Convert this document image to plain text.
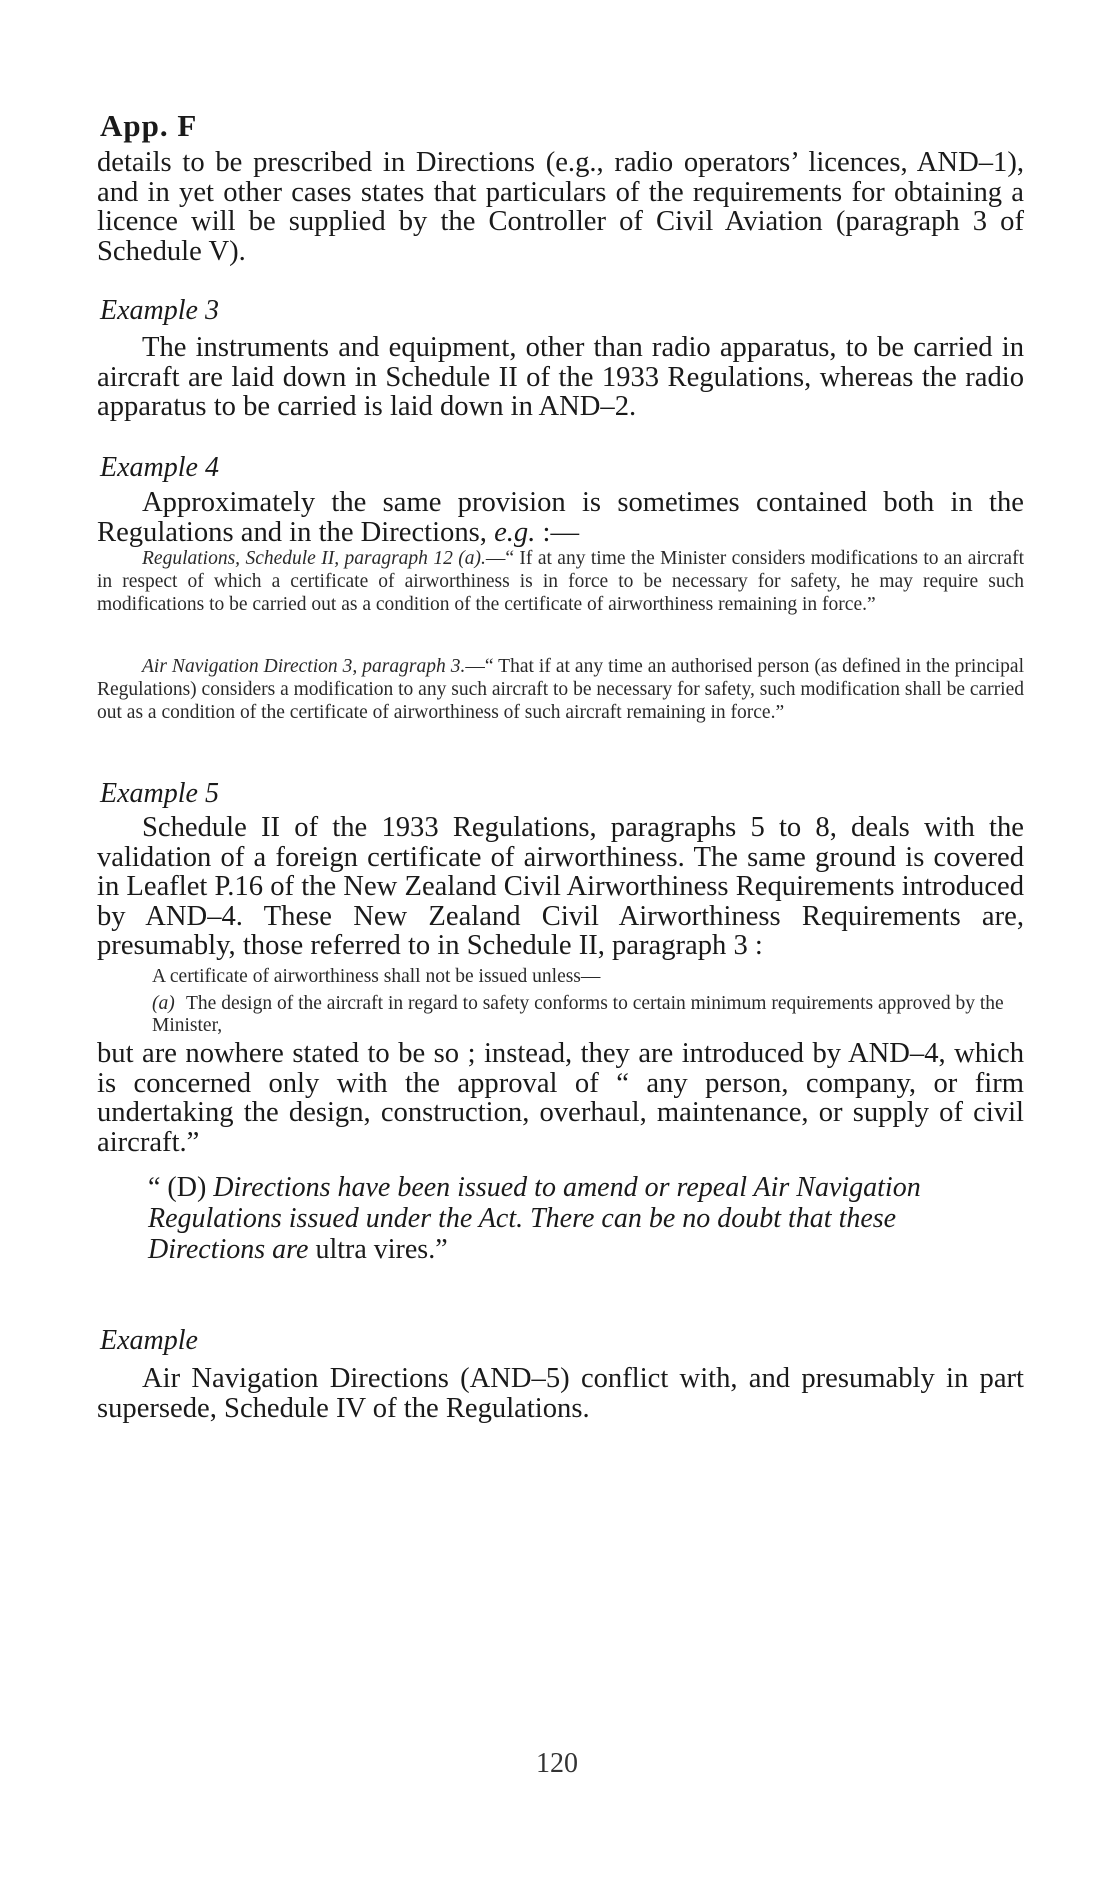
App. F

details to be prescribed in Directions (e.g., radio operators’ licences, AND–1), and in yet other cases states that particulars of the requirements for obtaining a licence will be supplied by the Controller of Civil Aviation (paragraph 3 of Schedule V).

Example 3

The instruments and equipment, other than radio apparatus, to be carried in aircraft are laid down in Schedule II of the 1933 Regulations, whereas the radio apparatus to be carried is laid down in AND–2.

Example 4

Approximately the same provision is sometimes contained both in the Regulations and in the Directions, e.g. :—

Regulations, Schedule II, paragraph 12 (a).—“ If at any time the Minister considers modifications to an aircraft in respect of which a certificate of airworthiness is in force to be necessary for safety, he may require such modifications to be carried out as a condition of the certificate of airworthiness remaining in force.”

Air Navigation Direction 3, paragraph 3.—“ That if at any time an authorised person (as defined in the principal Regulations) considers a modification to any such aircraft to be necessary for safety, such modification shall be carried out as a condition of the certificate of airworthiness of such aircraft remaining in force.”

Example 5

Schedule II of the 1933 Regulations, paragraphs 5 to 8, deals with the validation of a foreign certificate of airworthiness. The same ground is covered in Leaflet P.16 of the New Zealand Civil Airworthiness Requirements introduced by AND–4. These New Zealand Civil Airworthiness Requirements are, presumably, those referred to in Schedule II, paragraph 3 :

A certificate of airworthiness shall not be issued unless—

(a) The design of the aircraft in regard to safety conforms to certain minimum requirements approved by the Minister,

but are nowhere stated to be so ; instead, they are introduced by AND–4, which is concerned only with the approval of “ any person, company, or firm undertaking the design, construction, overhaul, maintenance, or supply of civil aircraft.”

“ (D) Directions have been issued to amend or repeal Air Navigation Regulations issued under the Act. There can be no doubt that these Directions are ultra vires.”

Example

Air Navigation Directions (AND–5) conflict with, and presumably in part supersede, Schedule IV of the Regulations.

120
